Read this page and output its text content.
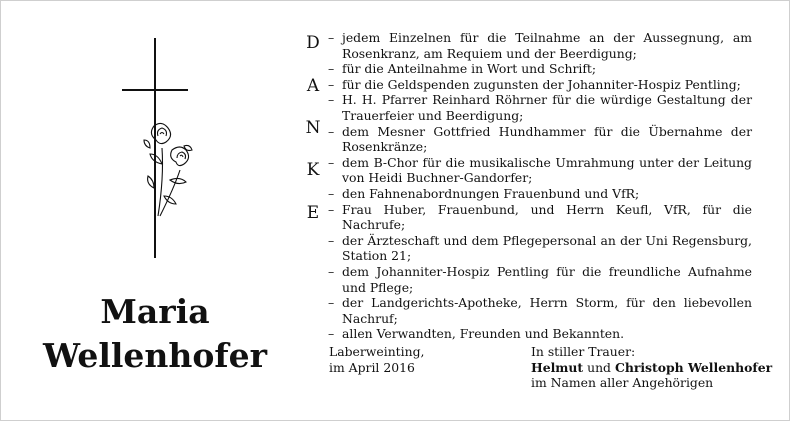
Maria
Wellenhofer
D
A
N
K
E
– jedem Einzelnen für die Teilnahme an der Aussegnung, am Rosenkranz, am Requiem und der Beerdigung;
– für die Anteilnahme in Wort und Schrift;
– für die Geldspenden zugunsten der Johanniter-Hospiz Pentling;
– H. H. Pfarrer Reinhard Röhrner für die würdige Gestaltung der Trauerfeier und Beerdigung;
– dem Mesner Gottfried Hundhammer für die Übernahme der Rosenkränze;
– dem B-Chor für die musikalische Umrahmung unter der Leitung von Heidi Buchner-Gandorfer;
– den Fahnenabordnungen Frauenbund und VfR;
– Frau Huber, Frauenbund, und Herrn Keufl, VfR, für die Nachrufe;
– der Ärzteschaft und dem Pflegepersonal an der Uni Regensburg, Station 21;
– dem Johanniter-Hospiz Pentling für die freundliche Aufnahme und Pflege;
– der Landgerichts-Apotheke, Herrn Storm, für den liebevollen Nachruf;
– allen Verwandten, Freunden und Bekannten.
Laberweinting,
im April 2016
In stiller Trauer:
Helmut und Christoph Wellenhofer
im Namen aller Angehörigen
